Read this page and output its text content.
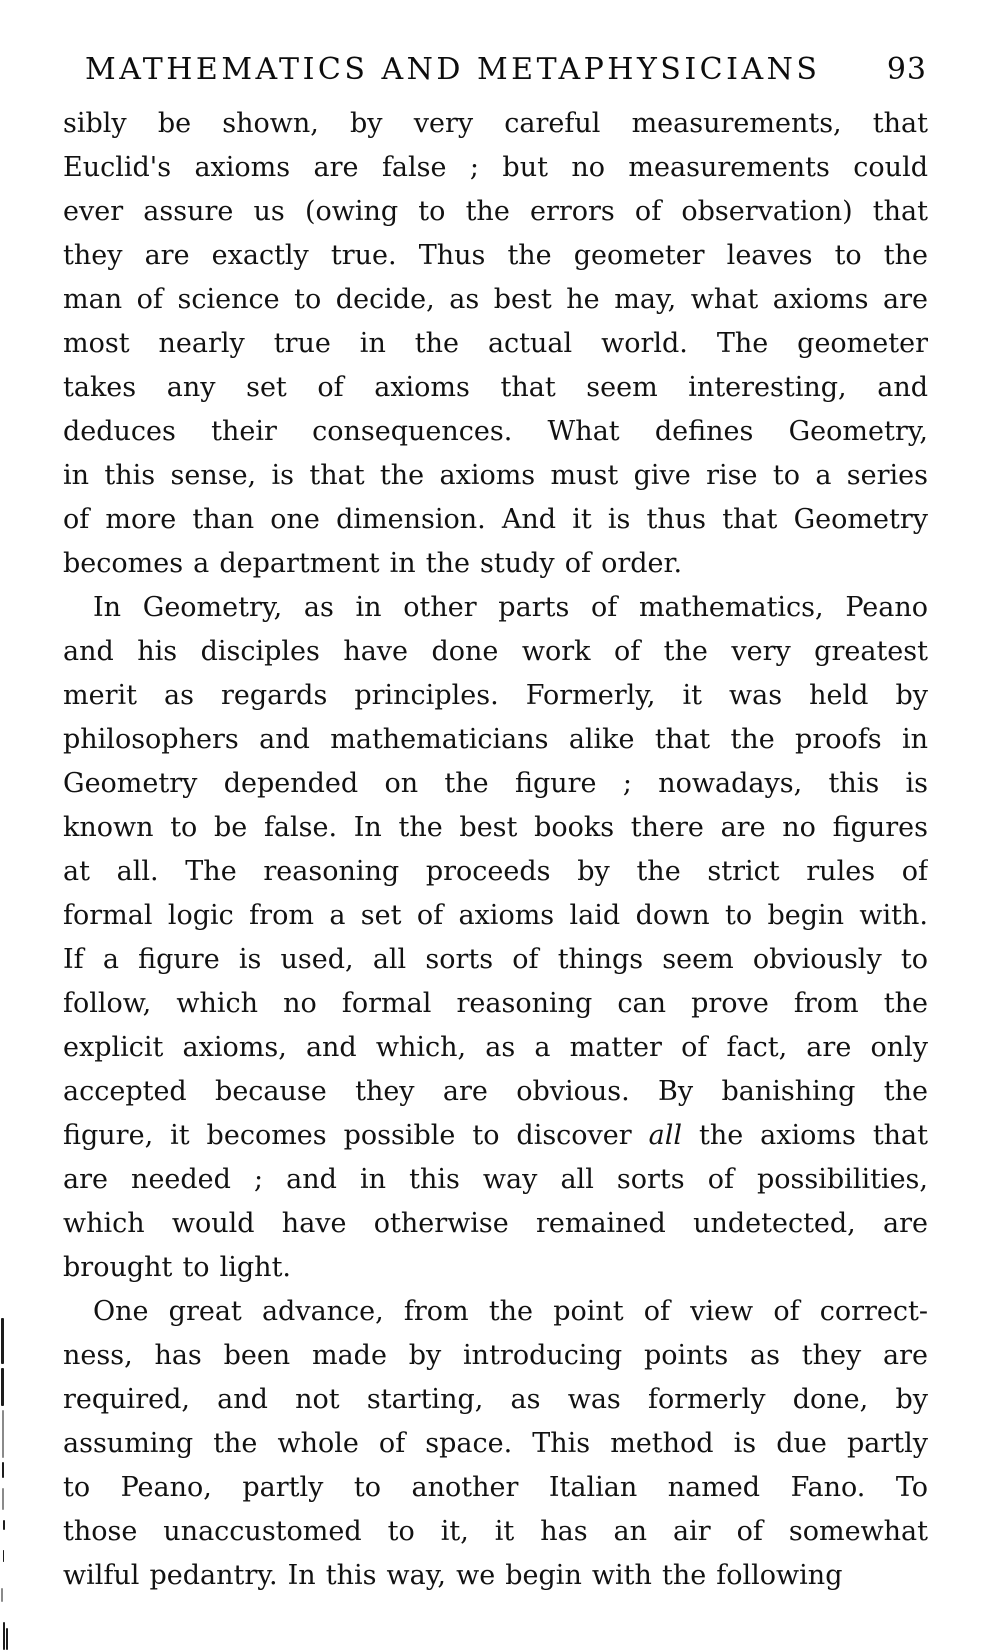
MATHEMATICS AND METAPHYSICIANS 93
sibly be shown, by very careful measurements, that
Euclid's axioms are false ; but no measurements could
ever assure us (owing to the errors of observation) that
they are exactly true. Thus the geometer leaves to the
man of science to decide, as best he may, what axioms are
most nearly true in the actual world. The geometer
takes any set of axioms that seem interesting, and
deduces their consequences. What defines Geometry,
in this sense, is that the axioms must give rise to a series
of more than one dimension. And it is thus that Geometry
becomes a department in the study of order.
In Geometry, as in other parts of mathematics, Peano
and his disciples have done work of the very greatest
merit as regards principles. Formerly, it was held by
philosophers and mathematicians alike that the proofs in
Geometry depended on the figure ; nowadays, this is
known to be false. In the best books there are no figures
at all. The reasoning proceeds by the strict rules of
formal logic from a set of axioms laid down to begin with.
If a figure is used, all sorts of things seem obviously to
follow, which no formal reasoning can prove from the
explicit axioms, and which, as a matter of fact, are only
accepted because they are obvious. By banishing the
figure, it becomes possible to discover all the axioms that
are needed ; and in this way all sorts of possibilities,
which would have otherwise remained undetected, are
brought to light.
One great advance, from the point of view of correct-
ness, has been made by introducing points as they are
required, and not starting, as was formerly done, by
assuming the whole of space. This method is due partly
to Peano, partly to another Italian named Fano. To
those unaccustomed to it, it has an air of somewhat
wilful pedantry. In this way, we begin with the following
